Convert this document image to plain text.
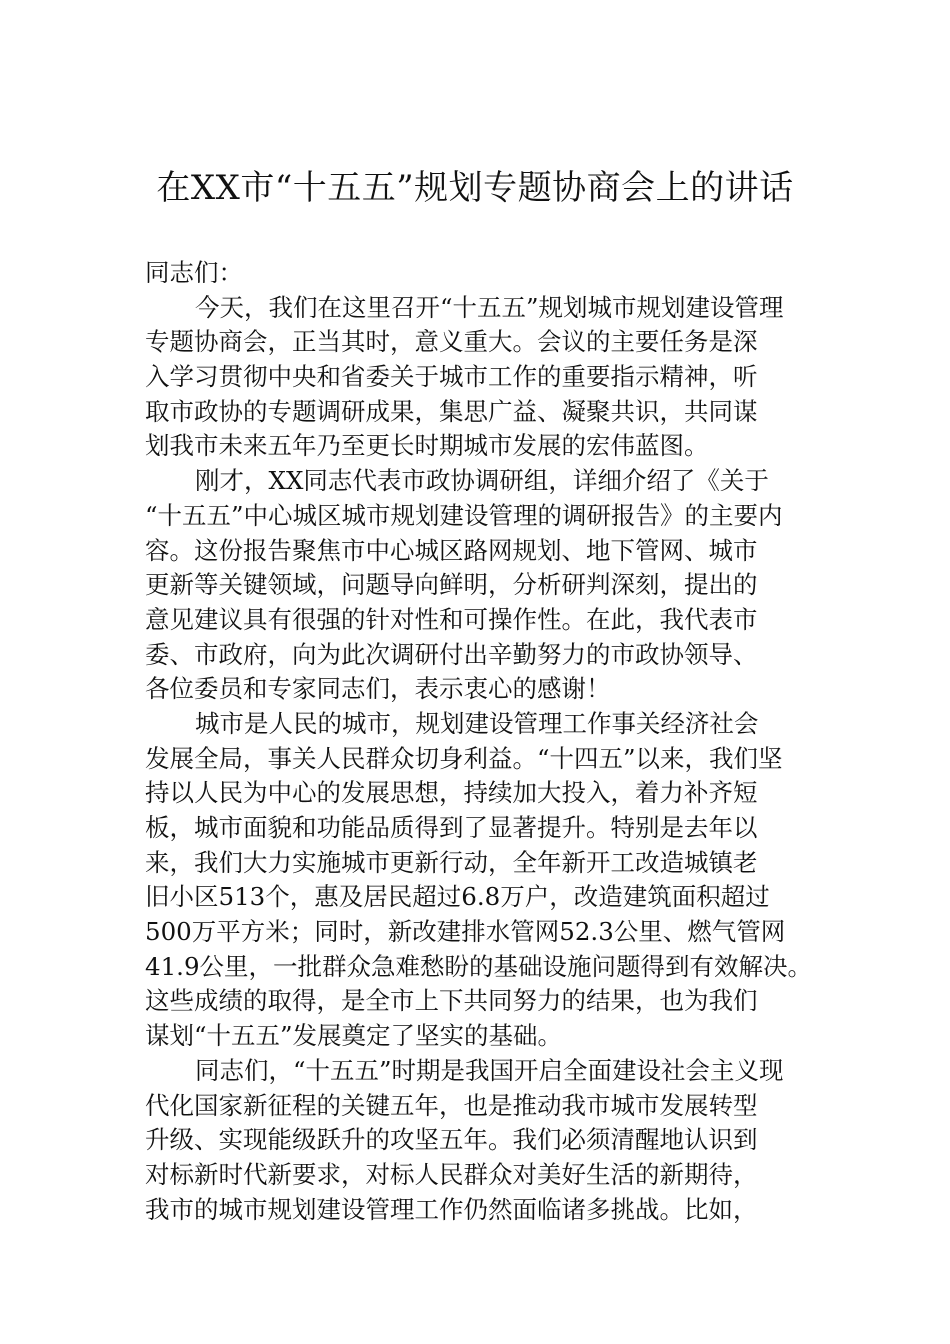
在XX市“十五五”规划专题协商会上的讲话
同志们：
今天，我们在这里召开“十五五”规划城市规划建设管理
专题协商会，正当其时，意义重大。会议的主要任务是深
入学习贯彻中央和省委关于城市工作的重要指示精神，听
取市政协的专题调研成果，集思广益、凝聚共识，共同谋
划我市未来五年乃至更长时期城市发展的宏伟蓝图。
刚才，XX同志代表市政协调研组，详细介绍了《关于
“十五五”中心城区城市规划建设管理的调研报告》的主要内
容。这份报告聚焦市中心城区路网规划、地下管网、城市
更新等关键领域，问题导向鲜明，分析研判深刻，提出的
意见建议具有很强的针对性和可操作性。在此，我代表市
委、市政府，向为此次调研付出辛勤努力的市政协领导、
各位委员和专家同志们，表示衷心的感谢！
城市是人民的城市，规划建设管理工作事关经济社会
发展全局，事关人民群众切身利益。“十四五”以来，我们坚
持以人民为中心的发展思想，持续加大投入，着力补齐短
板，城市面貌和功能品质得到了显著提升。特别是去年以
来，我们大力实施城市更新行动，全年新开工改造城镇老
旧小区513个，惠及居民超过6.8万户，改造建筑面积超过
500万平方米；同时，新改建排水管网52.3公里、燃气管网
41.9公里，一批群众急难愁盼的基础设施问题得到有效解决。
这些成绩的取得，是全市上下共同努力的结果，也为我们
谋划“十五五”发展奠定了坚实的基础。
同志们，“十五五”时期是我国开启全面建设社会主义现
代化国家新征程的关键五年，也是推动我市城市发展转型
升级、实现能级跃升的攻坚五年。我们必须清醒地认识到
对标新时代新要求，对标人民群众对美好生活的新期待，
我市的城市规划建设管理工作仍然面临诸多挑战。比如，
